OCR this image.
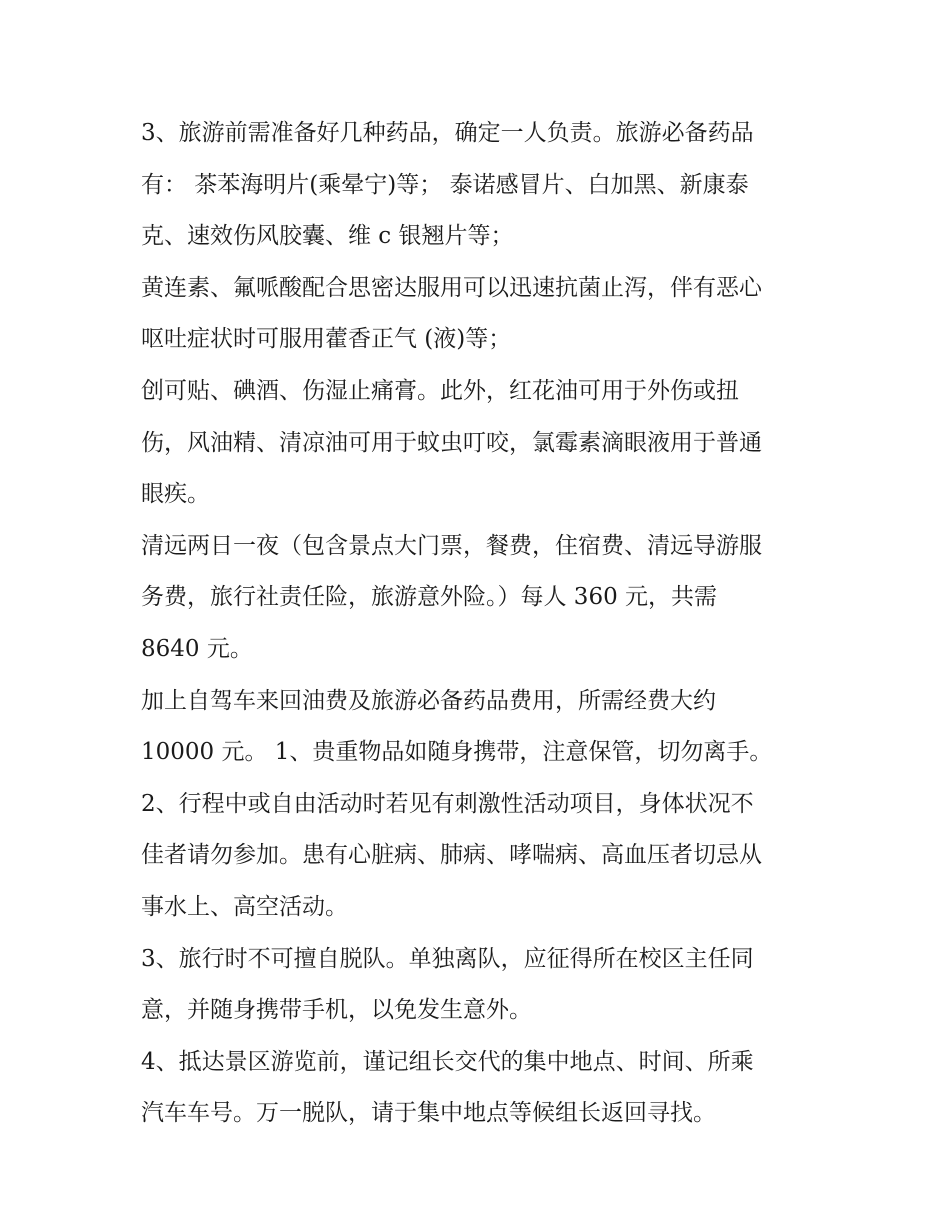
3、旅游前需准备好几种药品，确定一人负责。旅游必备药品
有： 茶苯海明片(乘晕宁)等； 泰诺感冒片、白加黑、新康泰
克、速效伤风胶囊、维 c 银翘片等；
黄连素、氟哌酸配合思密达服用可以迅速抗菌止泻，伴有恶心
呕吐症状时可服用藿香正气 (液)等；
创可贴、碘酒、伤湿止痛膏。此外，红花油可用于外伤或扭
伤，风油精、清凉油可用于蚊虫叮咬，氯霉素滴眼液用于普通
眼疾。
清远两日一夜（包含景点大门票，餐费，住宿费、清远导游服
务费，旅行社责任险，旅游意外险。）每人 360 元，共需
8640 元。
加上自驾车来回油费及旅游必备药品费用，所需经费大约
10000 元。 1、贵重物品如随身携带，注意保管，切勿离手。
2、行程中或自由活动时若见有刺激性活动项目，身体状况不
佳者请勿参加。患有心脏病、肺病、哮喘病、高血压者切忌从
事水上、高空活动。
3、旅行时不可擅自脱队。单独离队，应征得所在校区主任同
意，并随身携带手机，以免发生意外。
4、抵达景区游览前，谨记组长交代的集中地点、时间、所乘
汽车车号。万一脱队，请于集中地点等候组长返回寻找。
